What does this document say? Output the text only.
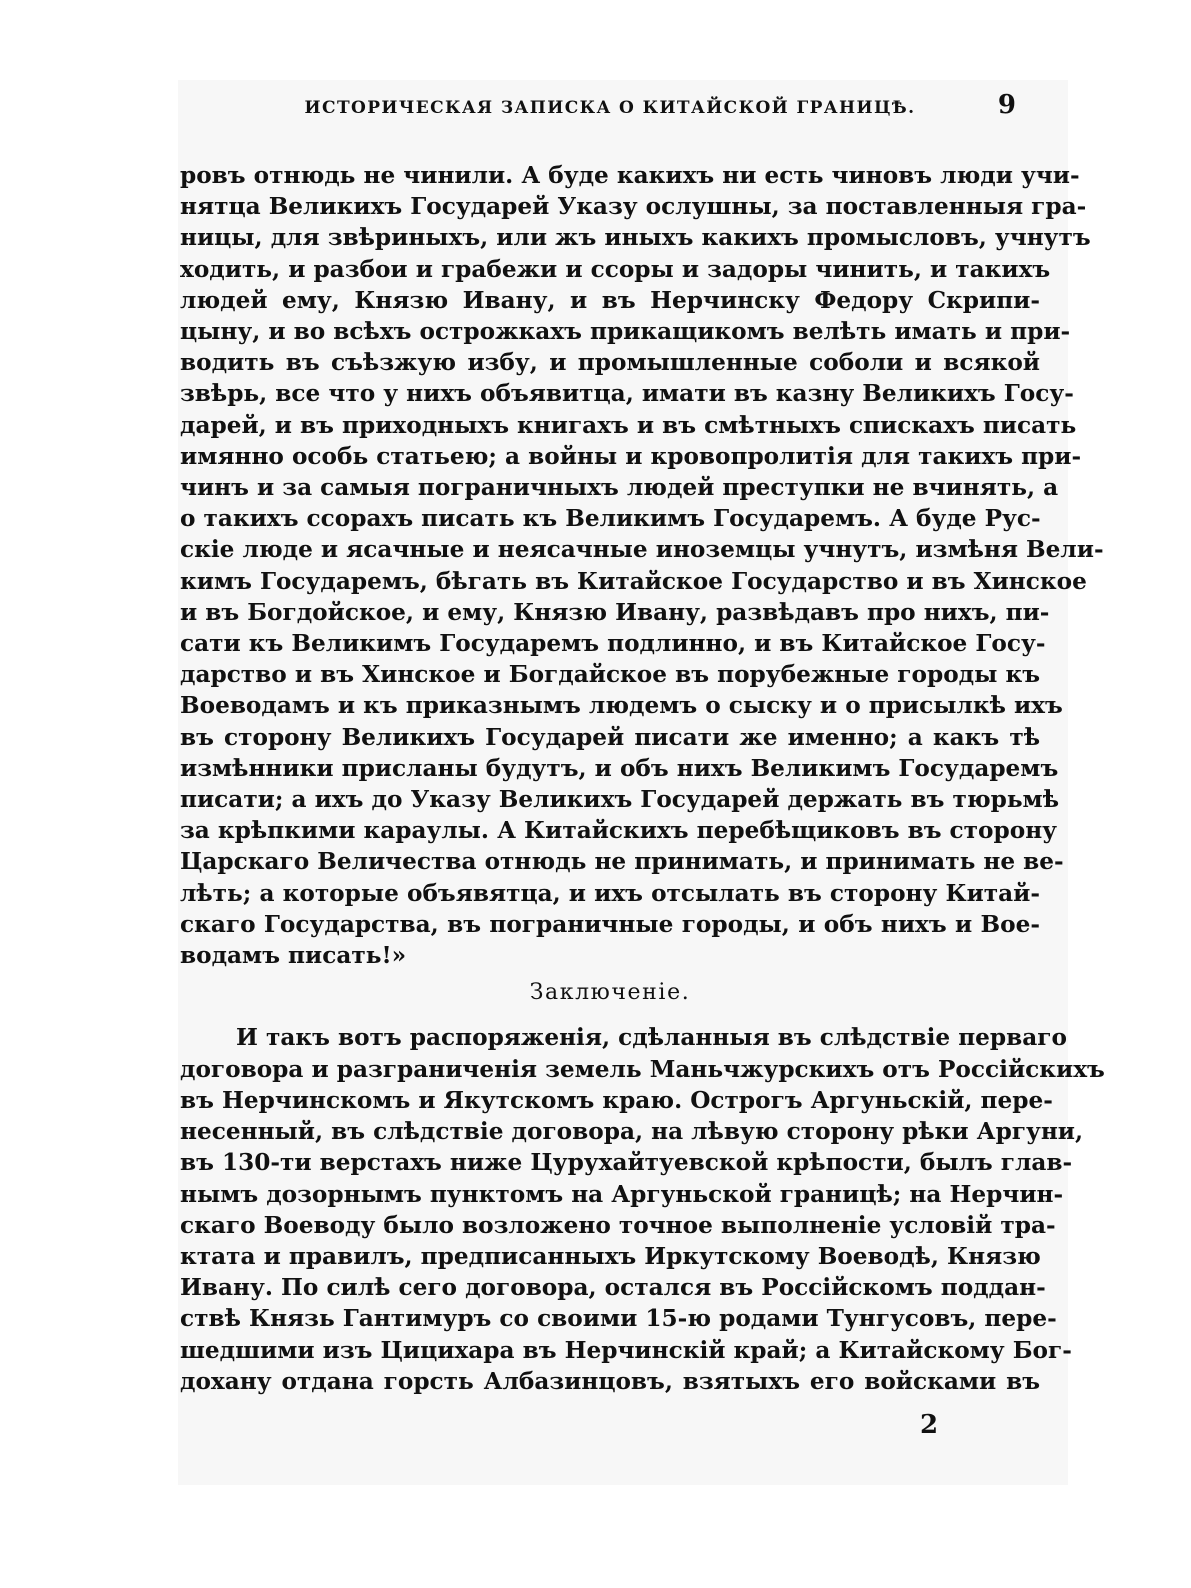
ИСТОРИЧЕСКАЯ ЗАПИСКА О КИТАЙСКОЙ ГРАНИЦѢ.	9
ровъ отнюдь не чинили. А буде какихъ ни есть чиновъ люди учи-
нятца Великихъ Государей Указу ослушны, за поставленныя гра-
ницы, для звѣриныхъ, или жъ иныхъ какихъ промысловъ, учнутъ
ходить, и разбои и грабежи и ссоры и задоры чинить, и такихъ
людей ему, Князю Ивану, и въ Нерчинску Федору Скрипи-
цыну, и во всѣхъ острожкахъ прикащикомъ велѣть имать и при-
водить въ съѣзжую избу, и промышленные соболи и всякой
звѣрь, все что у нихъ объявитца, имати въ казну Великихъ Госу-
дарей, и въ приходныхъ книгахъ и въ смѣтныхъ спискахъ писать
имянно особь статьею; а войны и кровопролитія для такихъ при-
чинъ и за самыя пограничныхъ людей преступки не вчинять, а
о такихъ ссорахъ писать къ Великимъ Государемъ. А буде Рус-
скіе люде и ясачные и неясачные иноземцы учнутъ, измѣня Вели-
кимъ Государемъ, бѣгать въ Китайское Государство и въ Хинское
и въ Богдойское, и ему, Князю Ивану, развѣдавъ про нихъ, пи-
сати къ Великимъ Государемъ подлинно, и въ Китайское Госу-
дарство и въ Хинское и Богдайское въ порубежные городы къ
Воеводамъ и къ приказнымъ людемъ о сыску и о присылкѣ ихъ
въ сторону Великихъ Государей писати же именно; а какъ тѣ
измѣнники присланы будутъ, и объ нихъ Великимъ Государемъ
писати; а ихъ до Указу Великихъ Государей держать въ тюрьмѣ
за крѣпкими караулы. А Китайскихъ перебѣщиковъ въ сторону
Царскаго Величества отнюдь не принимать, и принимать не ве-
лѣть; а которые объявятца, и ихъ отсылать въ сторону Китай-
скаго Государства, въ пограничные городы, и объ нихъ и Вое-
водамъ писать!»
Заключеніе.
И такъ вотъ распоряженія, сдѣланныя въ слѣдствіе перваго
договора и разграниченія земель Маньчжурскихъ отъ Россійскихъ
въ Нерчинскомъ и Якутскомъ краю. Острогъ Аргуньскій, пере-
несенный, въ слѣдствіе договора, на лѣвую сторону рѣки Аргуни,
въ 130-ти верстахъ ниже Цурухайтуевской крѣпости, былъ глав-
нымъ дозорнымъ пунктомъ на Аргуньской границѣ; на Нерчин-
скаго Воеводу было возложено точное выполненіе условій тра-
ктата и правилъ, предписанныхъ Иркутскому Воеводѣ, Князю
Ивану. По силѣ сего договора, остался въ Россійскомъ поддан-
ствѣ Князь Гантимуръ со своими 15-ю родами Тунгусовъ, пере-
шедшими изъ Цицихара въ Нерчинскій край; а Китайскому Бог-
дохану отдана горсть Албазинцовъ, взятыхъ его войсками въ
2
